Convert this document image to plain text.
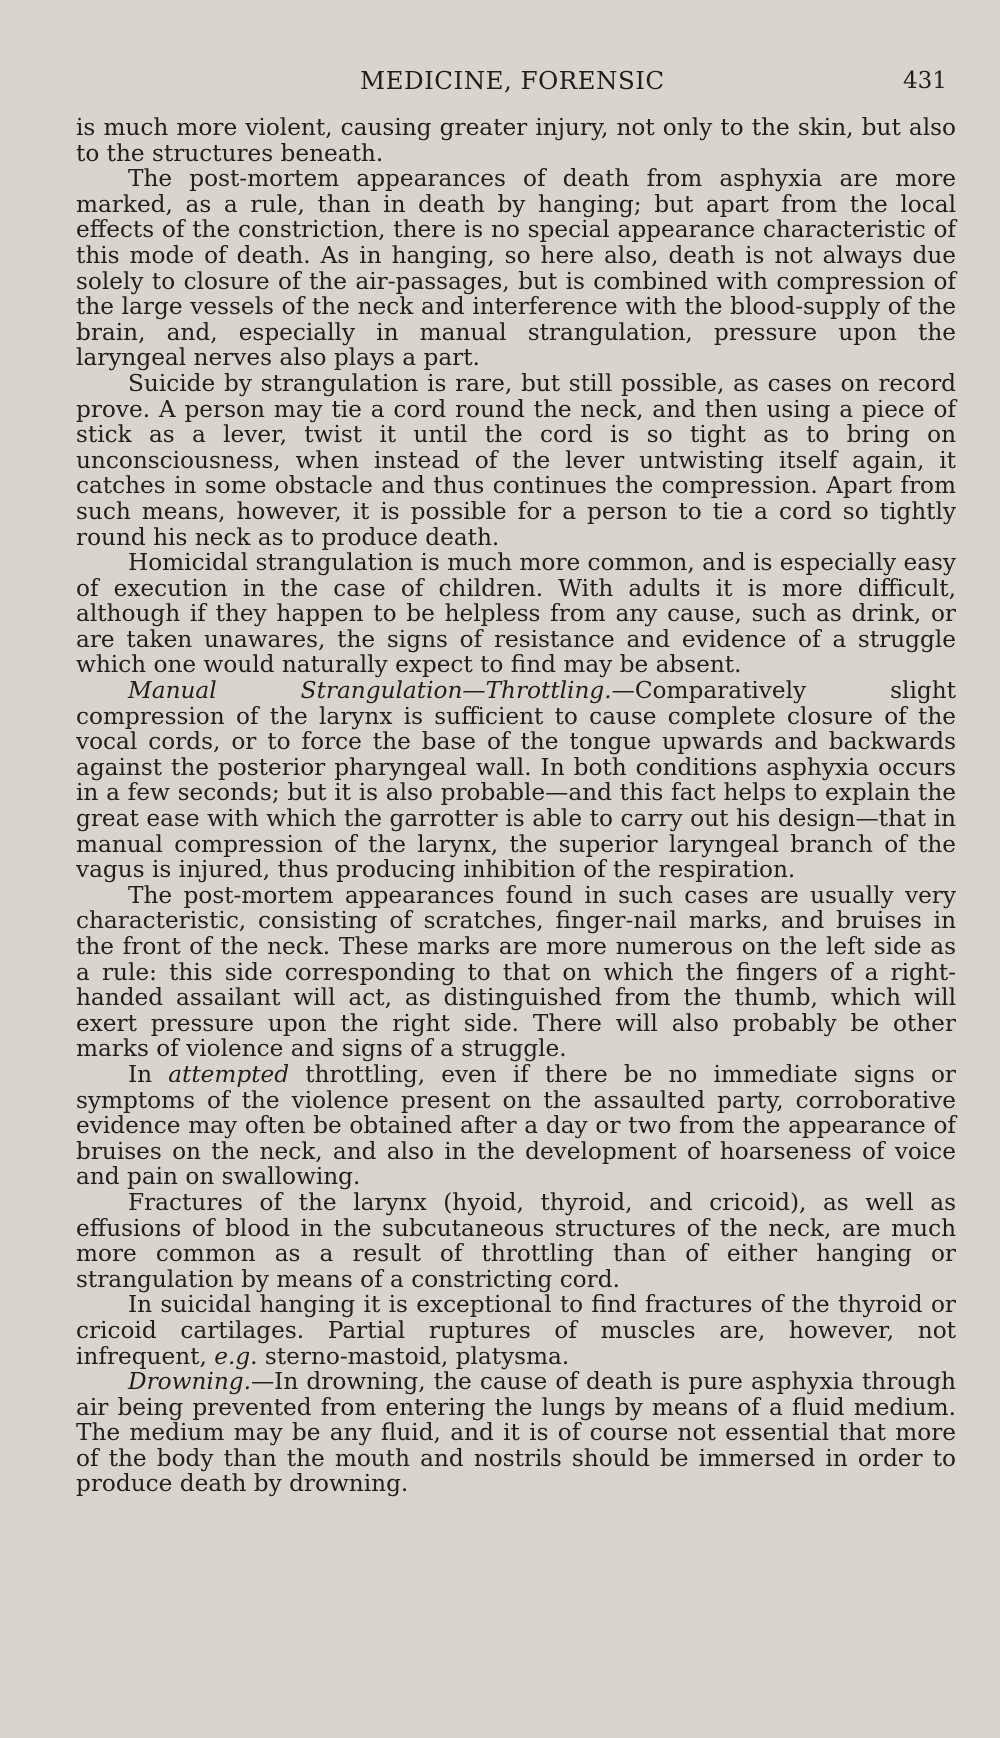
MEDICINE, FORENSIC	431

is much more violent, causing greater injury, not only to the skin, but also to the structures beneath.

The post-mortem appearances of death from asphyxia are more marked, as a rule, than in death by hanging; but apart from the local effects of the constriction, there is no special appearance characteristic of this mode of death. As in hanging, so here also, death is not always due solely to closure of the air-passages, but is combined with compression of the large vessels of the neck and interference with the blood-supply of the brain, and, especially in manual strangulation, pressure upon the laryngeal nerves also plays a part.

Suicide by strangulation is rare, but still possible, as cases on record prove. A person may tie a cord round the neck, and then using a piece of stick as a lever, twist it until the cord is so tight as to bring on unconsciousness, when instead of the lever untwisting itself again, it catches in some obstacle and thus continues the compression. Apart from such means, however, it is possible for a person to tie a cord so tightly round his neck as to produce death.

Homicidal strangulation is much more common, and is especially easy of execution in the case of children. With adults it is more difficult, although if they happen to be helpless from any cause, such as drink, or are taken unawares, the signs of resistance and evidence of a struggle which one would naturally expect to find may be absent.

Manual Strangulation—Throttling.—Comparatively slight compression of the larynx is sufficient to cause complete closure of the vocal cords, or to force the base of the tongue upwards and backwards against the posterior pharyngeal wall. In both conditions asphyxia occurs in a few seconds; but it is also probable—and this fact helps to explain the great ease with which the garrotter is able to carry out his design—that in manual compression of the larynx, the superior laryngeal branch of the vagus is injured, thus producing inhibition of the respiration.

The post-mortem appearances found in such cases are usually very characteristic, consisting of scratches, finger-nail marks, and bruises in the front of the neck. These marks are more numerous on the left side as a rule: this side corresponding to that on which the fingers of a right-handed assailant will act, as distinguished from the thumb, which will exert pressure upon the right side. There will also probably be other marks of violence and signs of a struggle.

In attempted throttling, even if there be no immediate signs or symptoms of the violence present on the assaulted party, corroborative evidence may often be obtained after a day or two from the appearance of bruises on the neck, and also in the development of hoarseness of voice and pain on swallowing.

Fractures of the larynx (hyoid, thyroid, and cricoid), as well as effusions of blood in the subcutaneous structures of the neck, are much more common as a result of throttling than of either hanging or strangulation by means of a constricting cord.

In suicidal hanging it is exceptional to find fractures of the thyroid or cricoid cartilages. Partial ruptures of muscles are, however, not infrequent, e.g. sterno-mastoid, platysma.

Drowning.—In drowning, the cause of death is pure asphyxia through air being prevented from entering the lungs by means of a fluid medium. The medium may be any fluid, and it is of course not essential that more of the body than the mouth and nostrils should be immersed in order to produce death by drowning.
